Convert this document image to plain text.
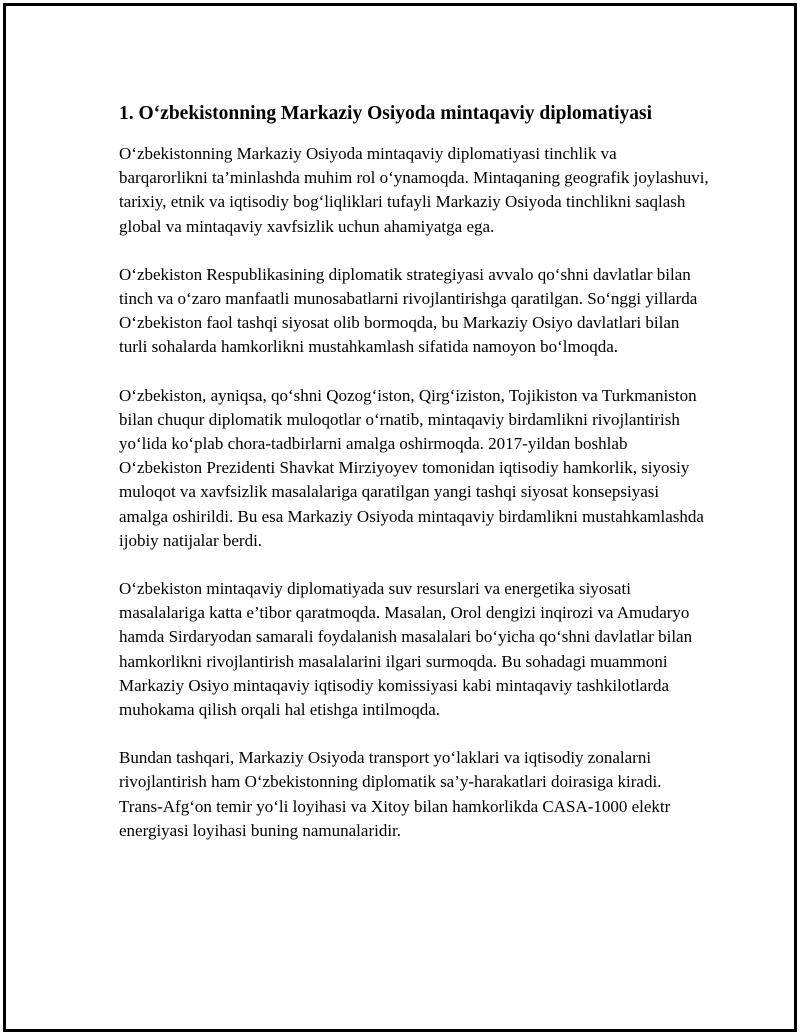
1. O‘zbekistonning Markaziy Osiyoda mintaqaviy diplomatiyasi

O‘zbekistonning Markaziy Osiyoda mintaqaviy diplomatiyasi tinchlik va barqarorlikni ta’minlashda muhim rol o‘ynamoqda. Mintaqaning geografik joylashuvi, tarixiy, etnik va iqtisodiy bog‘liqliklari tufayli Markaziy Osiyoda tinchlikni saqlash global va mintaqaviy xavfsizlik uchun ahamiyatga ega.

O‘zbekiston Respublikasining diplomatik strategiyasi avvalo qo‘shni davlatlar bilan tinch va o‘zaro manfaatli munosabatlarni rivojlantirishga qaratilgan. So‘nggi yillarda O‘zbekiston faol tashqi siyosat olib bormoqda, bu Markaziy Osiyo davlatlari bilan turli sohalarda hamkorlikni mustahkamlash sifatida namoyon bo‘lmoqda.

O‘zbekiston, ayniqsa, qo‘shni Qozog‘iston, Qirg‘iziston, Tojikiston va Turkmaniston bilan chuqur diplomatik muloqotlar o‘rnatib, mintaqaviy birdamlikni rivojlantirish yo‘lida ko‘plab chora-tadbirlarni amalga oshirmoqda. 2017-yildan boshlab O‘zbekiston Prezidenti Shavkat Mirziyoyev tomonidan iqtisodiy hamkorlik, siyosiy muloqot va xavfsizlik masalalariga qaratilgan yangi tashqi siyosat konsepsiyasi amalga oshirildi. Bu esa Markaziy Osiyoda mintaqaviy birdamlikni mustahkamlashda ijobiy natijalar berdi.

O‘zbekiston mintaqaviy diplomatiyada suv resurslari va energetika siyosati masalalariga katta e’tibor qaratmoqda. Masalan, Orol dengizi inqirozi va Amudaryo hamda Sirdaryodan samarali foydalanish masalalari bo‘yicha qo‘shni davlatlar bilan hamkorlikni rivojlantirish masalalarini ilgari surmoqda. Bu sohadagi muammoni Markaziy Osiyo mintaqaviy iqtisodiy komissiyasi kabi mintaqaviy tashkilotlarda muhokama qilish orqali hal etishga intilmoqda.

Bundan tashqari, Markaziy Osiyoda transport yo‘laklari va iqtisodiy zonalarni rivojlantirish ham O‘zbekistonning diplomatik sa’y-harakatlari doirasiga kiradi. Trans-Afg‘on temir yo‘li loyihasi va Xitoy bilan hamkorlikda CASA-1000 elektr energiyasi loyihasi buning namunalaridir.
